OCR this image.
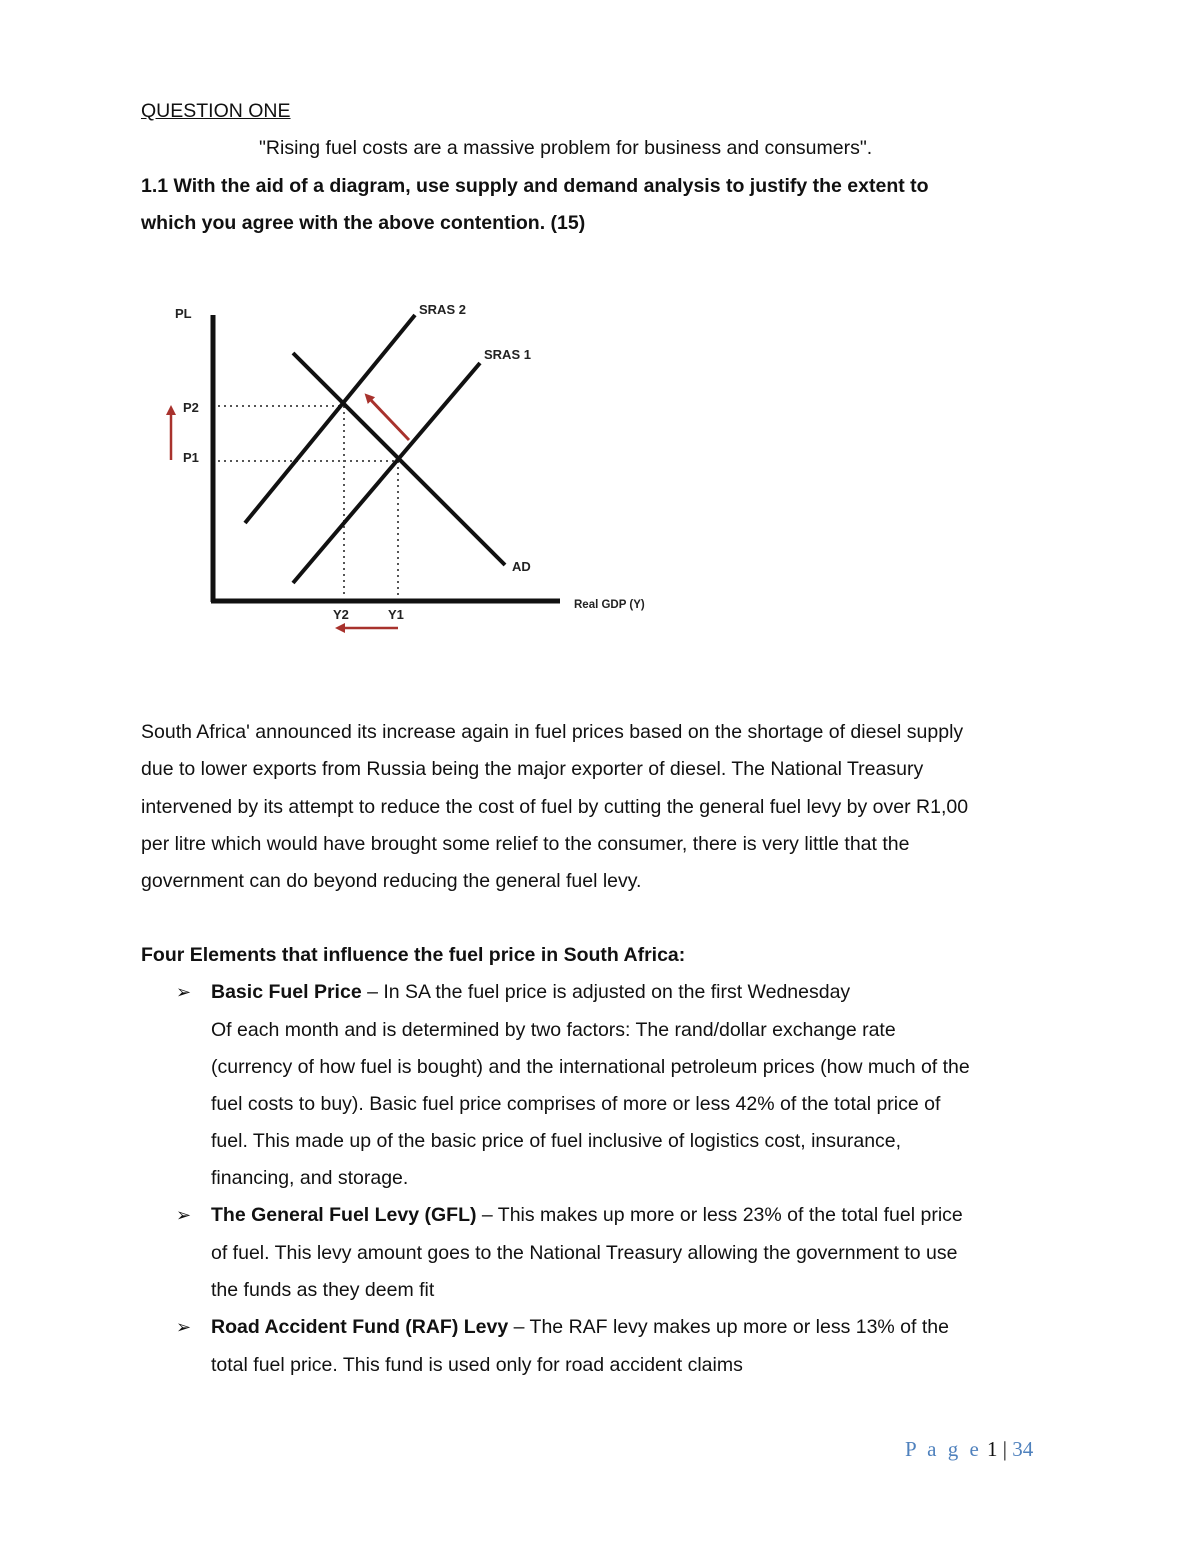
QUESTION ONE
"Rising fuel costs are a massive problem for business and consumers".
1.1 With the aid of a diagram, use supply and demand analysis to justify the extent to
which you agree with the above contention. (15)
PL
P2
P1
Y2	Y1
SRAS 2
SRAS 1
AD
Real GDP (Y)
South Africa' announced its increase again in fuel prices based on the shortage of diesel supply
due to lower exports from Russia being the major exporter of diesel. The National Treasury
intervened by its attempt to reduce the cost of fuel by cutting the general fuel levy by over R1,00
per litre which would have brought some relief to the consumer, there is very little that the
government can do beyond reducing the general fuel levy.
Four Elements that influence the fuel price in South Africa:
➢ Basic Fuel Price – In SA the fuel price is adjusted on the first Wednesday
Of each month and is determined by two factors: The rand/dollar exchange rate
(currency of how fuel is bought) and the international petroleum prices (how much of the
fuel costs to buy). Basic fuel price comprises of more or less 42% of the total price of
fuel. This made up of the basic price of fuel inclusive of logistics cost, insurance,
financing, and storage.
➢ The General Fuel Levy (GFL) – This makes up more or less 23% of the total fuel price
of fuel. This levy amount goes to the National Treasury allowing the government to use
the funds as they deem fit
➢ Road Accident Fund (RAF) Levy – The RAF levy makes up more or less 13% of the
total fuel price. This fund is used only for road accident claims
P a g e 1 | 34
